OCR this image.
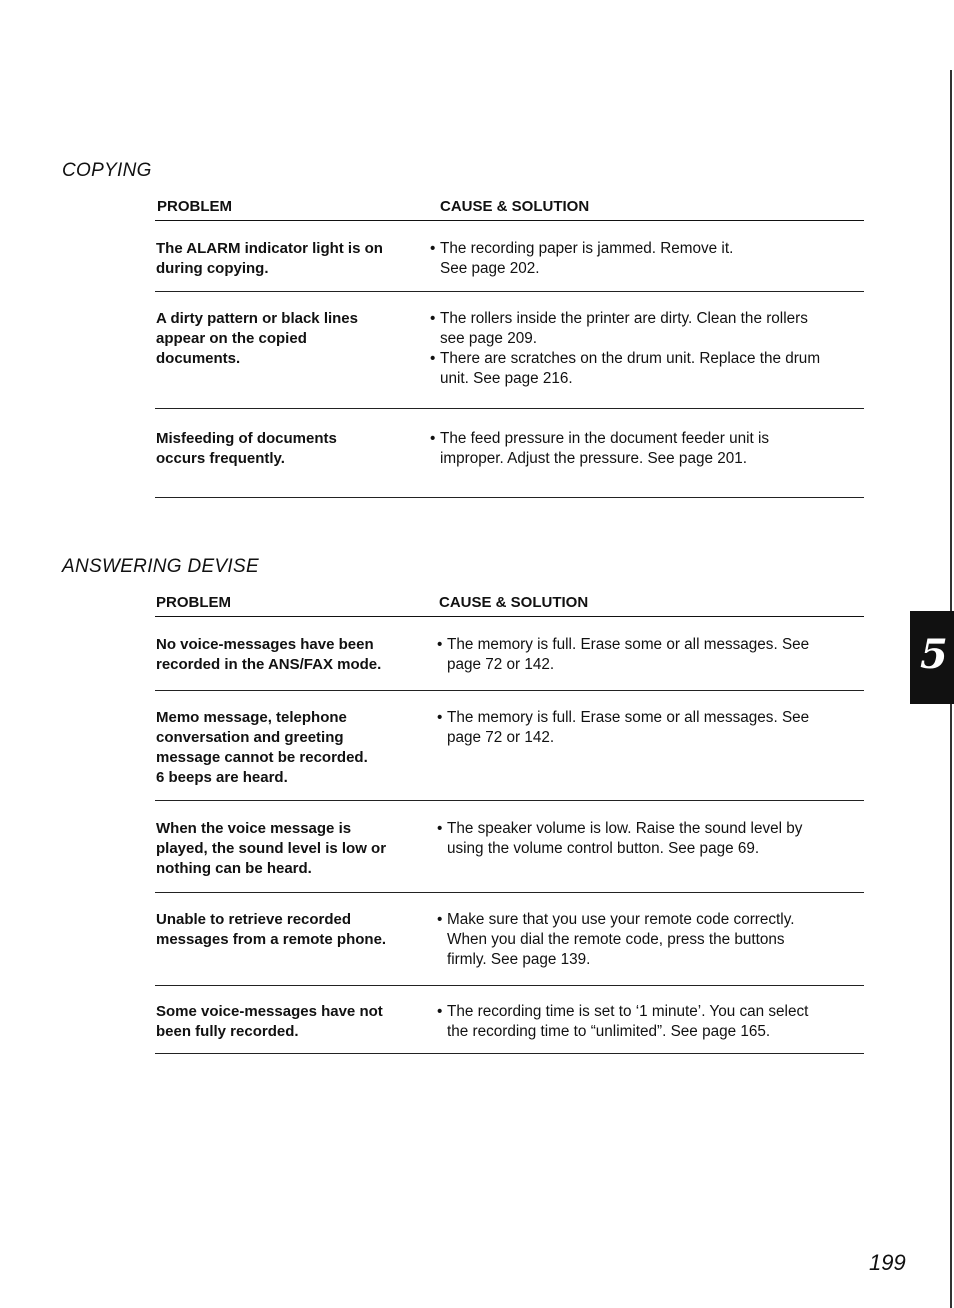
COPYING
PROBLEM	CAUSE & SOLUTION
The ALARM indicator light is on
during copying.

• The recording paper is jammed. Remove it.
See page 202.

A dirty pattern or black lines
appear on the copied
documents.

• The rollers inside the printer are dirty. Clean the rollers
see page 209.

• There are scratches on the drum unit. Replace the drum
unit. See page 216.

Misfeeding of documents
occurs frequently.

• The feed pressure in the document feeder unit is
improper. Adjust the pressure. See page 201.

ANSWERING DEVISE
PROBLEM	CAUSE & SOLUTION
No voice-messages have been
recorded in the ANS/FAX mode.

• The memory is full. Erase some or all messages. See
page 72 or 142.

Memo message, telephone
conversation and greeting
message cannot be recorded.
6 beeps are heard.

• The memory is full. Erase some or all messages. See
page 72 or 142.

When the voice message is
played, the sound level is low or
nothing can be heard.

• The speaker volume is low. Raise the sound level by
using the volume control button. See page 69.

Unable to retrieve recorded
messages from a remote phone.

• Make sure that you use your remote code correctly.
When you dial the remote code, press the buttons
firmly. See page 139.

Some voice-messages have not
been fully recorded.

• The recording time is set to ‘1 minute’. You can select
the recording time to “unlimited”. See page 165.

5
199
